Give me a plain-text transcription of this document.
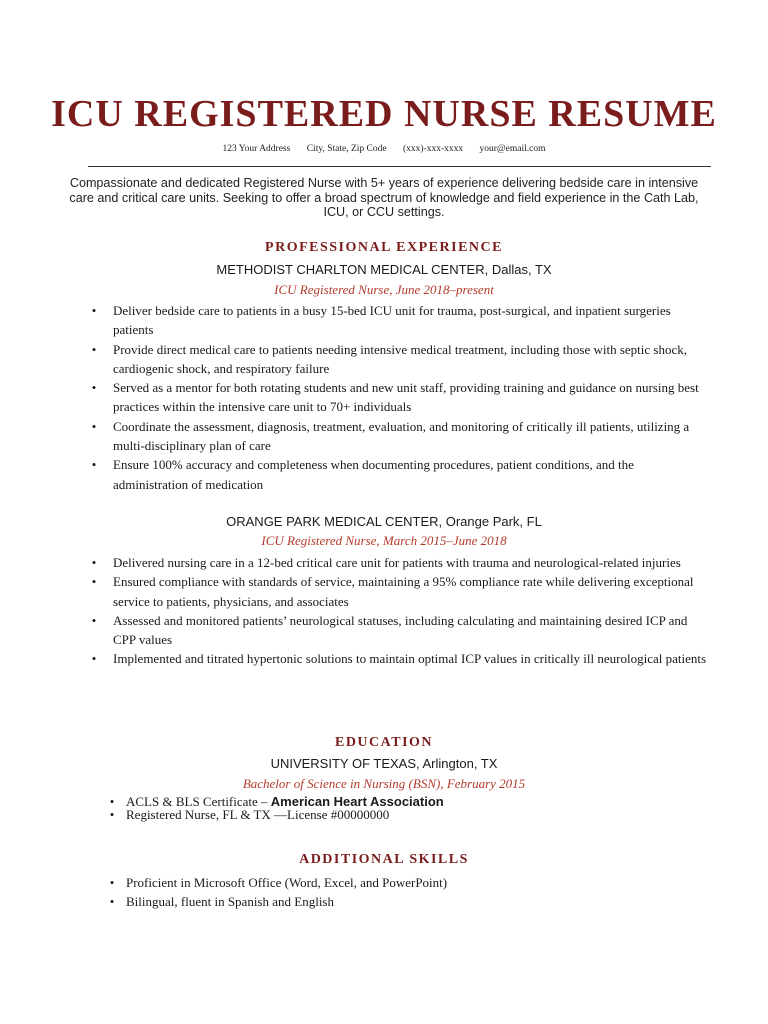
ICU REGISTERED NURSE RESUME
123 Your Address City, State, Zip Code (xxx)-xxx-xxxx your@email.com
Compassionate and dedicated Registered Nurse with 5+ years of experience delivering bedside care in intensive care and critical care units. Seeking to offer a broad spectrum of knowledge and field experience in the Cath Lab, ICU, or CCU settings.
PROFESSIONAL EXPERIENCE
METHODIST CHARLTON MEDICAL CENTER, Dallas, TX
ICU Registered Nurse, June 2018–present
• Deliver bedside care to patients in a busy 15-bed ICU unit for trauma, post-surgical, and inpatient surgeries patients
• Provide direct medical care to patients needing intensive medical treatment, including those with septic shock, cardiogenic shock, and respiratory failure
• Served as a mentor for both rotating students and new unit staff, providing training and guidance on nursing best practices within the intensive care unit to 70+ individuals
• Coordinate the assessment, diagnosis, treatment, evaluation, and monitoring of critically ill patients, utilizing a multi-disciplinary plan of care
• Ensure 100% accuracy and completeness when documenting procedures, patient conditions, and the administration of medication
ORANGE PARK MEDICAL CENTER, Orange Park, FL
ICU Registered Nurse, March 2015–June 2018
• Delivered nursing care in a 12-bed critical care unit for patients with trauma and neurological-related injuries
• Ensured compliance with standards of service, maintaining a 95% compliance rate while delivering exceptional service to patients, physicians, and associates
• Assessed and monitored patients’ neurological statuses, including calculating and maintaining desired ICP and CPP values
• Implemented and titrated hypertonic solutions to maintain optimal ICP values in critically ill neurological patients
EDUCATION
UNIVERSITY OF TEXAS, Arlington, TX
Bachelor of Science in Nursing (BSN), February 2015
• ACLS & BLS Certificate – American Heart Association
• Registered Nurse, FL & TX —License #00000000
ADDITIONAL SKILLS
• Proficient in Microsoft Office (Word, Excel, and PowerPoint)
• Bilingual, fluent in Spanish and English
